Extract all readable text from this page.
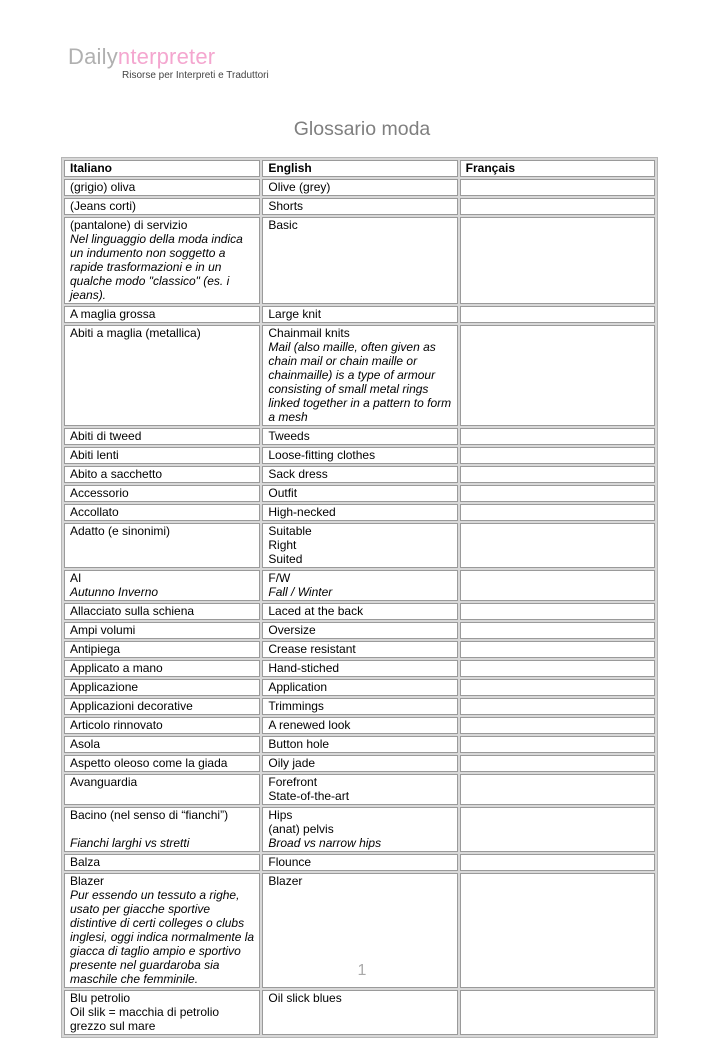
Dailynterpreter
Risorse per Interpreti e Traduttori
Glossario moda
Italiano	English	Français

(grigio) oliva	Olive (grey)	

(Jeans corti)	Shorts	

(pantalone) di servizio
Nel linguaggio della moda indica un indumento non soggetto a rapide trasformazioni e in un qualche modo "classico" (es. i jeans).	Basic	

A maglia grossa	Large knit	

Abiti a maglia (metallica)	Chainmail knits
Mail (also maille, often given as chain mail or chain maille or chainmaille) is a type of armour consisting of small metal rings linked together in a pattern to form a mesh	

Abiti di tweed	Tweeds	

Abiti lenti	Loose-fitting clothes	

Abito a sacchetto	Sack dress	

Accessorio	Outfit	

Accollato	High-necked	

Adatto (e sinonimi)	Suitable
Right
Suited	

AI
Autunno Inverno	F/W
Fall / Winter	

Allacciato sulla schiena	Laced at the back	

Ampi volumi	Oversize	

Antipiega	Crease resistant	

Applicato a mano	Hand-stiched	

Applicazione	Application	

Applicazioni decorative	Trimmings	

Articolo rinnovato	A renewed look	

Asola	Button hole	

Aspetto oleoso come la giada	Oily jade	

Avanguardia	Forefront
State-of-the-art	

Bacino (nel senso di “fianchi”)

Fianchi larghi vs stretti	Hips
(anat) pelvis
Broad vs narrow hips	

Balza	Flounce	

Blazer
Pur essendo un tessuto a righe, usato per giacche sportive distintive di certi colleges o clubs inglesi, oggi indica normalmente la giacca di taglio ampio e sportivo presente nel guardaroba sia maschile che femminile.	Blazer	

Blu petrolio
Oil slik = macchia di petrolio grezzo sul mare	Oil slick blues	

1
